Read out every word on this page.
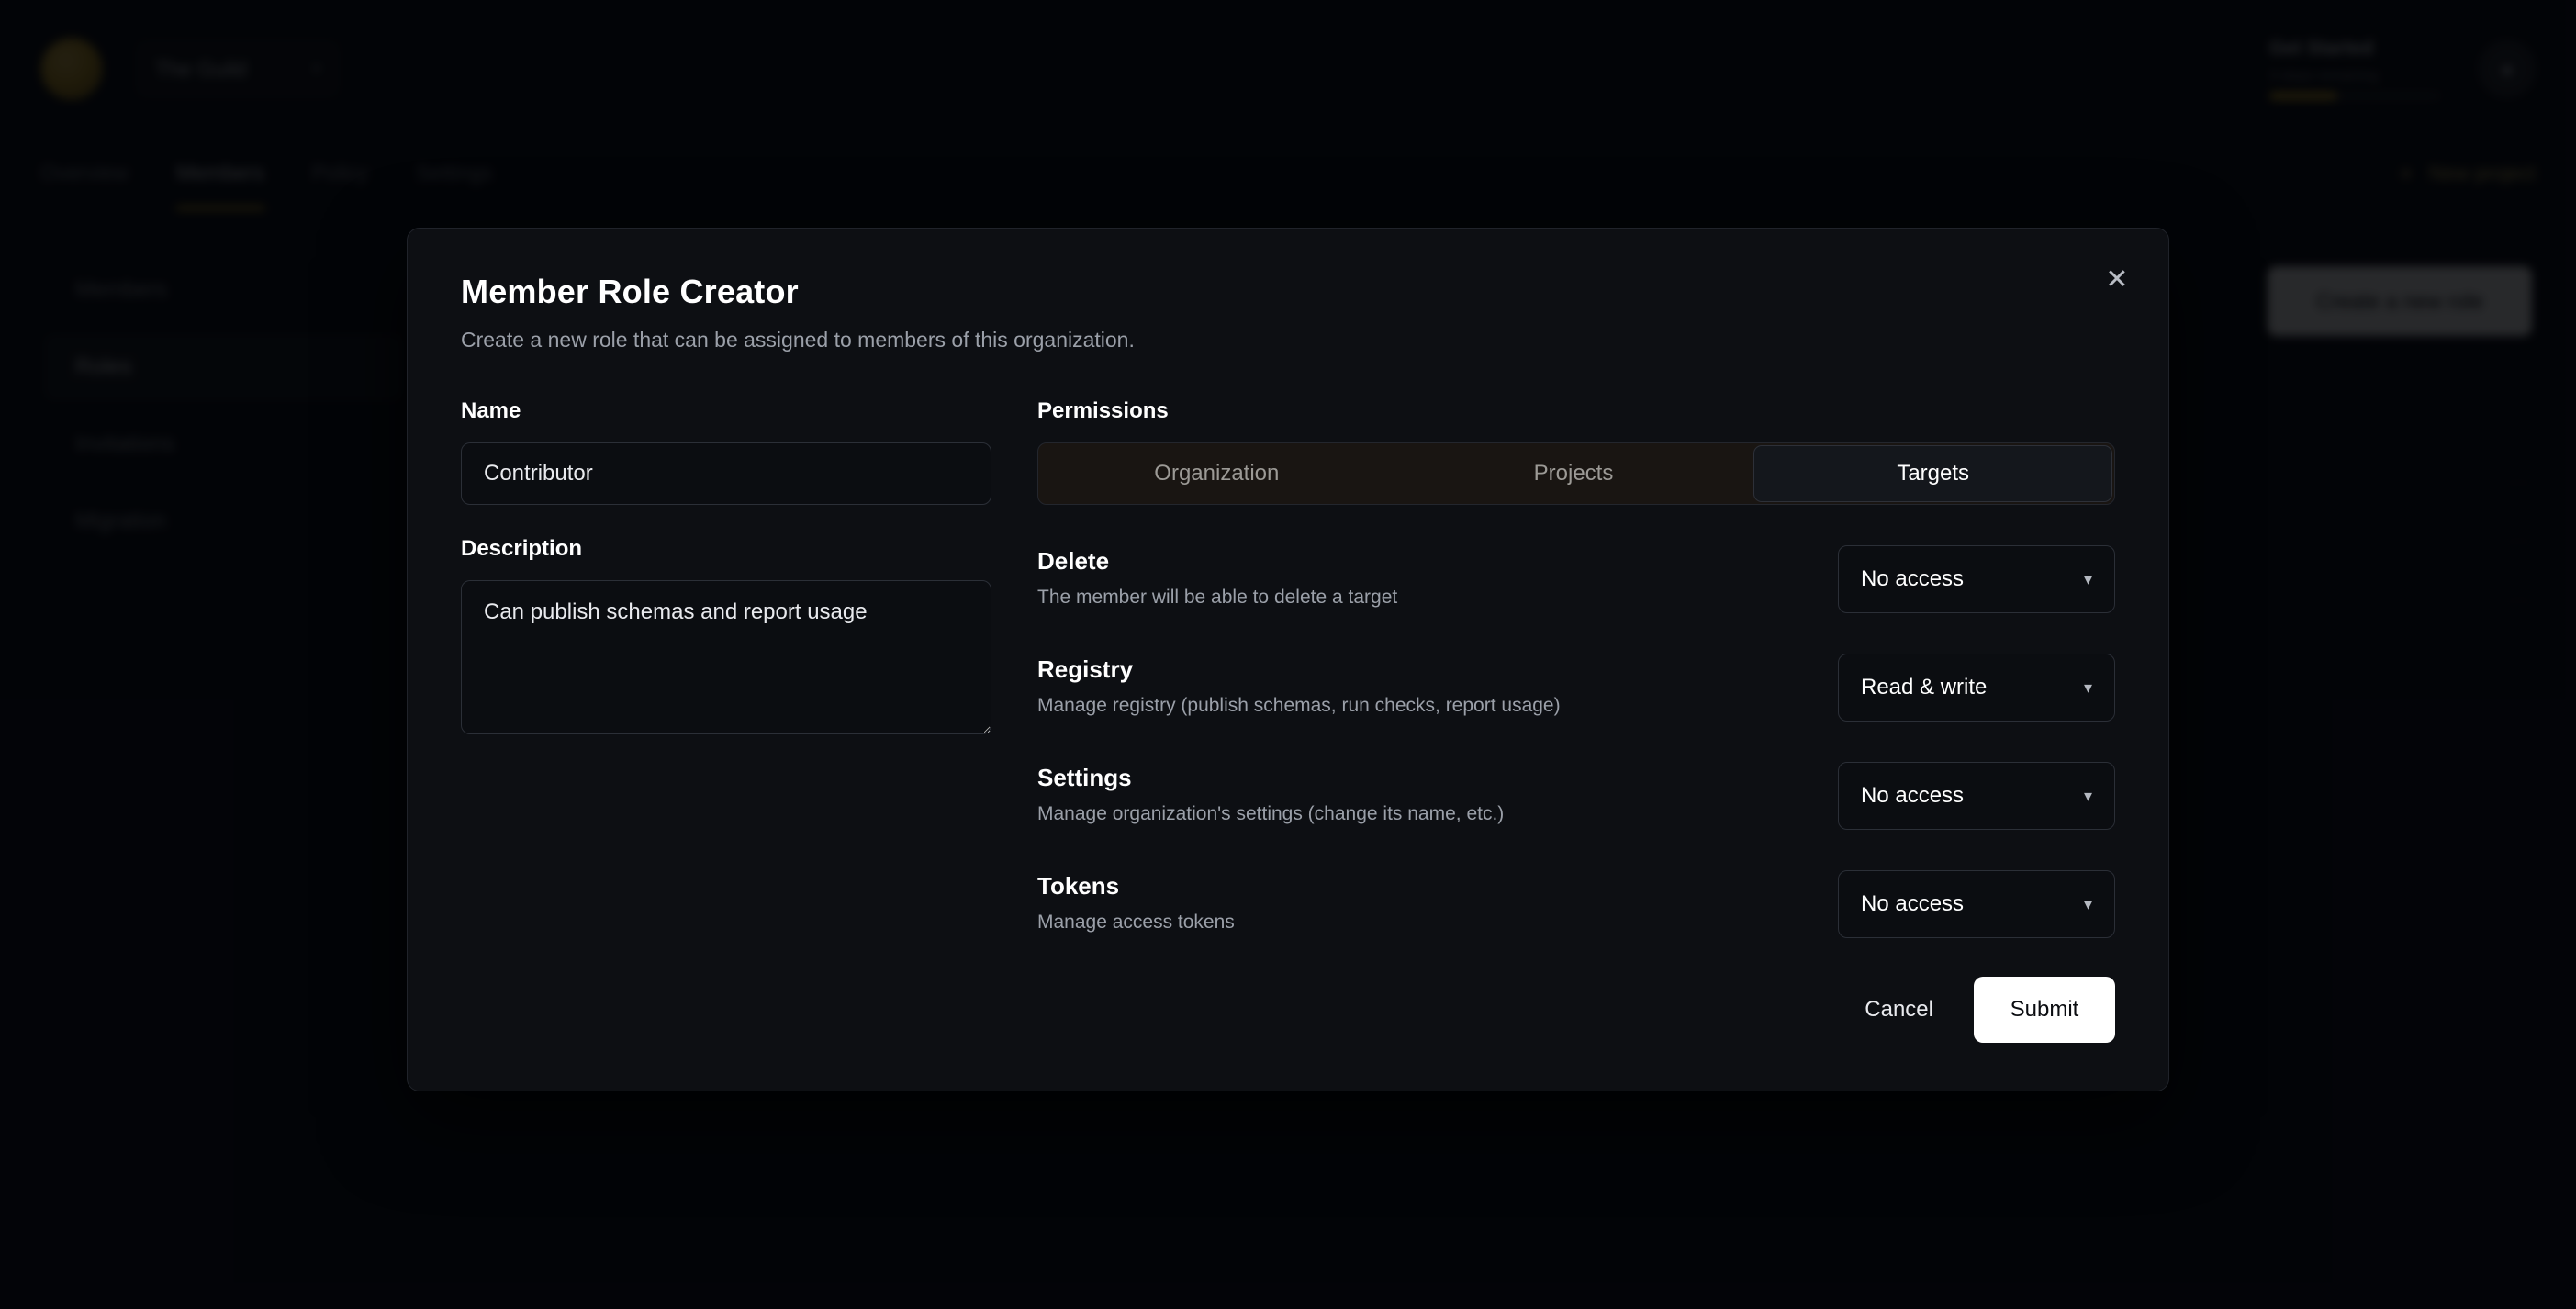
✕
Member Role Creator
Create a new role that can be assigned to members of this organization.
Name
Contributor
Description
Can publish schemas and report usage
Permissions
Organization	Projects	Targets
Delete
The member will be able to delete a target
No access	▾
Registry
Manage registry (publish schemas, run checks, report usage)
Read & write	▾
Settings
Manage organization's settings (change its name, etc.)
No access	▾
Tokens
Manage access tokens
No access	▾
Cancel	Submit
